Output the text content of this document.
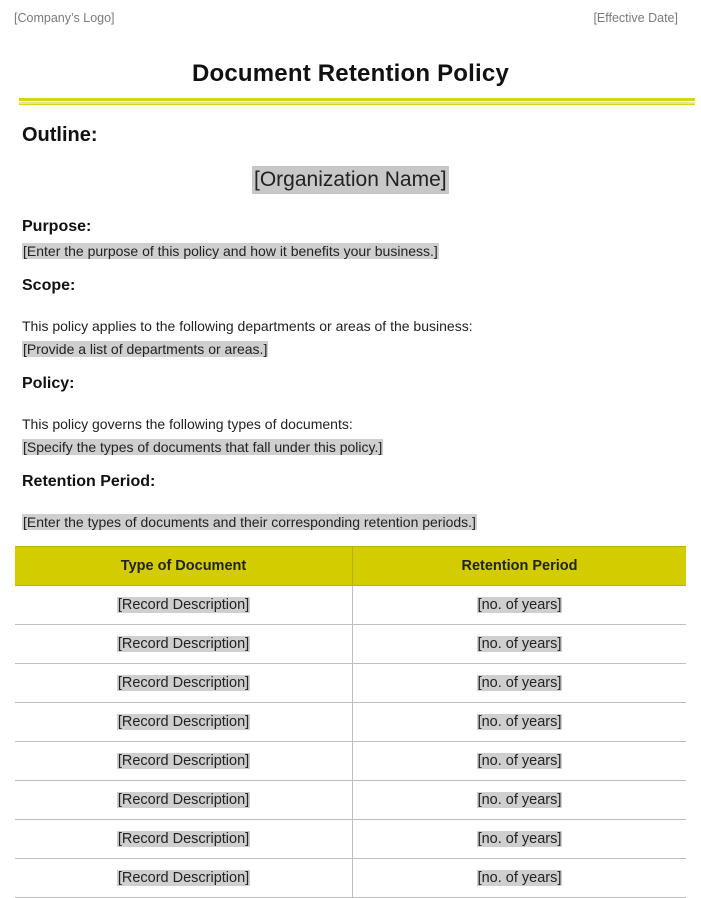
[Company’s Logo]	[Effective Date]
Document Retention Policy
Outline:
[Organization Name]
Purpose:
[Enter the purpose of this policy and how it benefits your business.]
Scope:
This policy applies to the following departments or areas of the business:
[Provide a list of departments or areas.]
Policy:
This policy governs the following types of documents:
[Specify the types of documents that fall under this policy.]
Retention Period:
[Enter the types of documents and their corresponding retention periods.]
Type of Document	Retention Period
[Record Description]	[no. of years]
[Record Description]	[no. of years]
[Record Description]	[no. of years]
[Record Description]	[no. of years]
[Record Description]	[no. of years]
[Record Description]	[no. of years]
[Record Description]	[no. of years]
[Record Description]	[no. of years]
